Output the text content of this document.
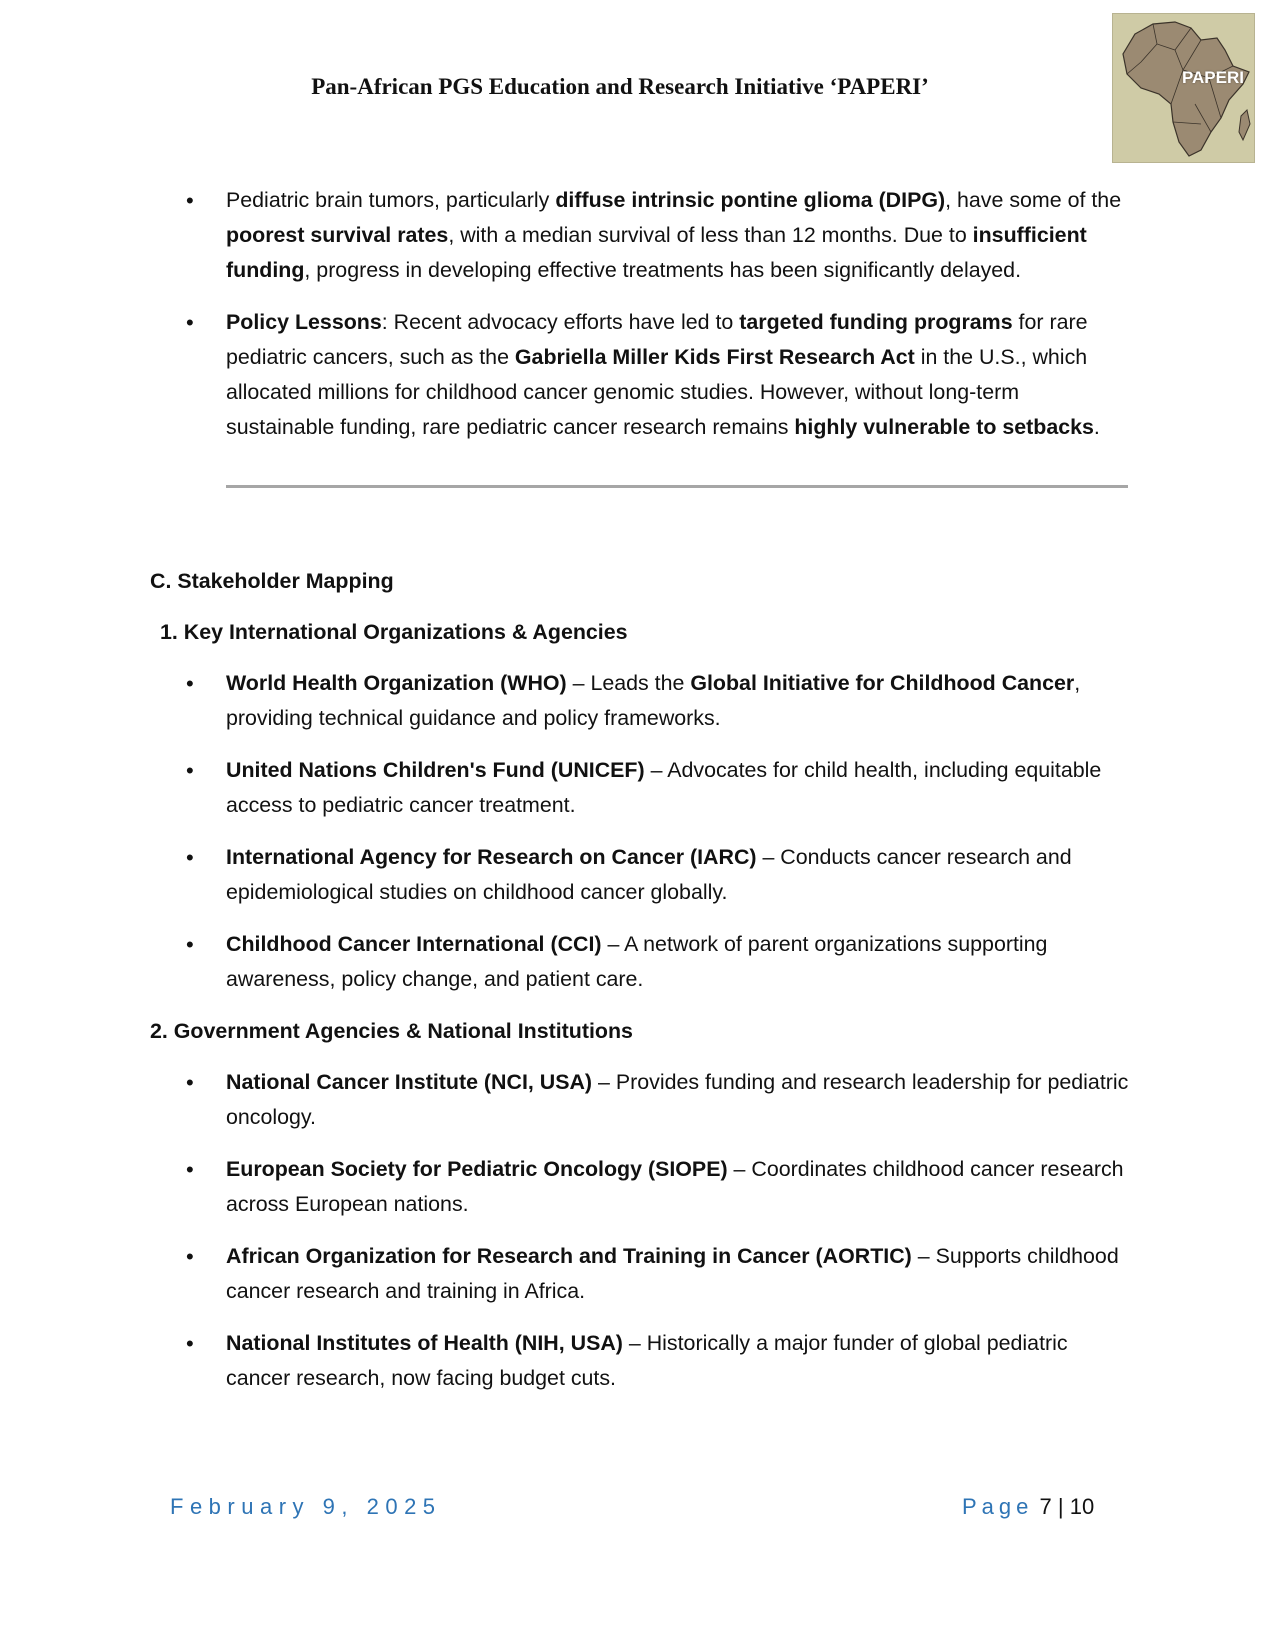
Pan-African PGS Education and Research Initiative ‘PAPERI’	PAPERI
• Pediatric brain tumors, particularly diffuse intrinsic pontine glioma (DIPG), have some of the poorest survival rates, with a median survival of less than 12 months. Due to insufficient funding, progress in developing effective treatments has been significantly delayed.
• Policy Lessons: Recent advocacy efforts have led to targeted funding programs for rare pediatric cancers, such as the Gabriella Miller Kids First Research Act in the U.S., which allocated millions for childhood cancer genomic studies. However, without long-term sustainable funding, rare pediatric cancer research remains highly vulnerable to setbacks.
C. Stakeholder Mapping
1. Key International Organizations & Agencies
• World Health Organization (WHO) – Leads the Global Initiative for Childhood Cancer, providing technical guidance and policy frameworks.
• United Nations Children's Fund (UNICEF) – Advocates for child health, including equitable access to pediatric cancer treatment.
• International Agency for Research on Cancer (IARC) – Conducts cancer research and epidemiological studies on childhood cancer globally.
• Childhood Cancer International (CCI) – A network of parent organizations supporting awareness, policy change, and patient care.
2. Government Agencies & National Institutions
• National Cancer Institute (NCI, USA) – Provides funding and research leadership for pediatric oncology.
• European Society for Pediatric Oncology (SIOPE) – Coordinates childhood cancer research across European nations.
• African Organization for Research and Training in Cancer (AORTIC) – Supports childhood cancer research and training in Africa.
• National Institutes of Health (NIH, USA) – Historically a major funder of global pediatric cancer research, now facing budget cuts.
February 9, 2025	Page 7 | 10
